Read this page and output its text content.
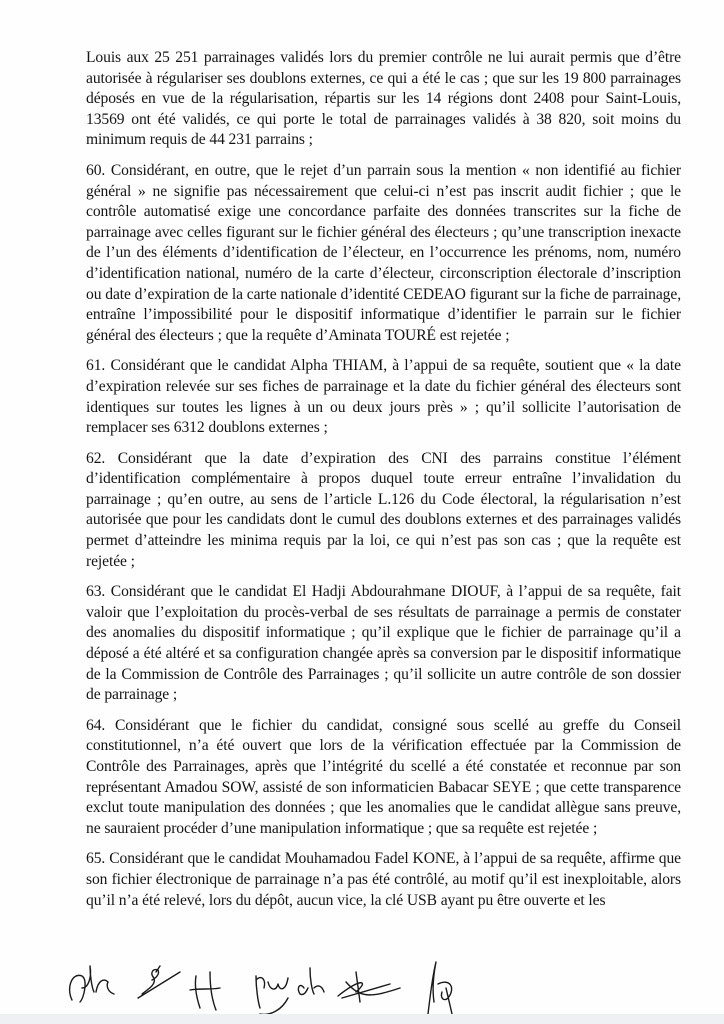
Louis aux 25 251 parrainages validés lors du premier contrôle ne lui aurait permis que d’être autorisée à régulariser ses doublons externes, ce qui a été le cas ; que sur les 19 800 parrainages déposés en vue de la régularisation, répartis sur les 14 régions dont 2408 pour Saint-Louis, 13569 ont été validés, ce qui porte le total de parrainages validés à 38 820, soit moins du minimum requis de 44 231 parrains ;

60. Considérant, en outre, que le rejet d’un parrain sous la mention « non identifié au fichier général » ne signifie pas nécessairement que celui-ci n’est pas inscrit audit fichier ; que le contrôle automatisé exige une concordance parfaite des données transcrites sur la fiche de parrainage avec celles figurant sur le fichier général des électeurs ; qu’une transcription inexacte de l’un des éléments d’identification de l’électeur, en l’occurrence les prénoms, nom, numéro d’identification national, numéro de la carte d’électeur, circonscription électorale d’inscription ou date d’expiration de la carte nationale d’identité CEDEAO figurant sur la fiche de parrainage, entraîne l’impossibilité pour le dispositif informatique d’identifier le parrain sur le fichier général des électeurs ; que la requête d’Aminata TOURÉ est rejetée ;

61. Considérant que le candidat Alpha THIAM, à l’appui de sa requête, soutient que « la date d’expiration relevée sur ses fiches de parrainage et la date du fichier général des électeurs sont identiques sur toutes les lignes à un ou deux jours près » ; qu’il sollicite l’autorisation de remplacer ses 6312 doublons externes ;

62. Considérant que la date d’expiration des CNI des parrains constitue l’élément d’identification complémentaire à propos duquel toute erreur entraîne l’invalidation du parrainage ; qu’en outre, au sens de l’article L.126 du Code électoral, la régularisation n’est autorisée que pour les candidats dont le cumul des doublons externes et des parrainages validés permet d’atteindre les minima requis par la loi, ce qui n’est pas son cas ; que la requête est rejetée ;

63. Considérant que le candidat El Hadji Abdourahmane DIOUF, à l’appui de sa requête, fait valoir que l’exploitation du procès-verbal de ses résultats de parrainage a permis de constater des anomalies du dispositif informatique ; qu’il explique que le fichier de parrainage qu’il a déposé a été altéré et sa configuration changée après sa conversion par le dispositif informatique de la Commission de Contrôle des Parrainages ; qu’il sollicite un autre contrôle de son dossier de parrainage ;

64. Considérant que le fichier du candidat, consigné sous scellé au greffe du Conseil constitutionnel, n’a été ouvert que lors de la vérification effectuée par la Commission de Contrôle des Parrainages, après que l’intégrité du scellé a été constatée et reconnue par son représentant Amadou SOW, assisté de son informaticien Babacar SEYE ; que cette transparence exclut toute manipulation des données ; que les anomalies que le candidat allègue sans preuve, ne sauraient procéder d’une manipulation informatique ; que sa requête est rejetée ;

65. Considérant que le candidat Mouhamadou Fadel KONE, à l’appui de sa requête, affirme que son fichier électronique de parrainage n’a pas été contrôlé, au motif qu’il est inexploitable, alors qu’il n’a été relevé, lors du dépôt, aucun vice, la clé USB ayant pu être ouverte et les
